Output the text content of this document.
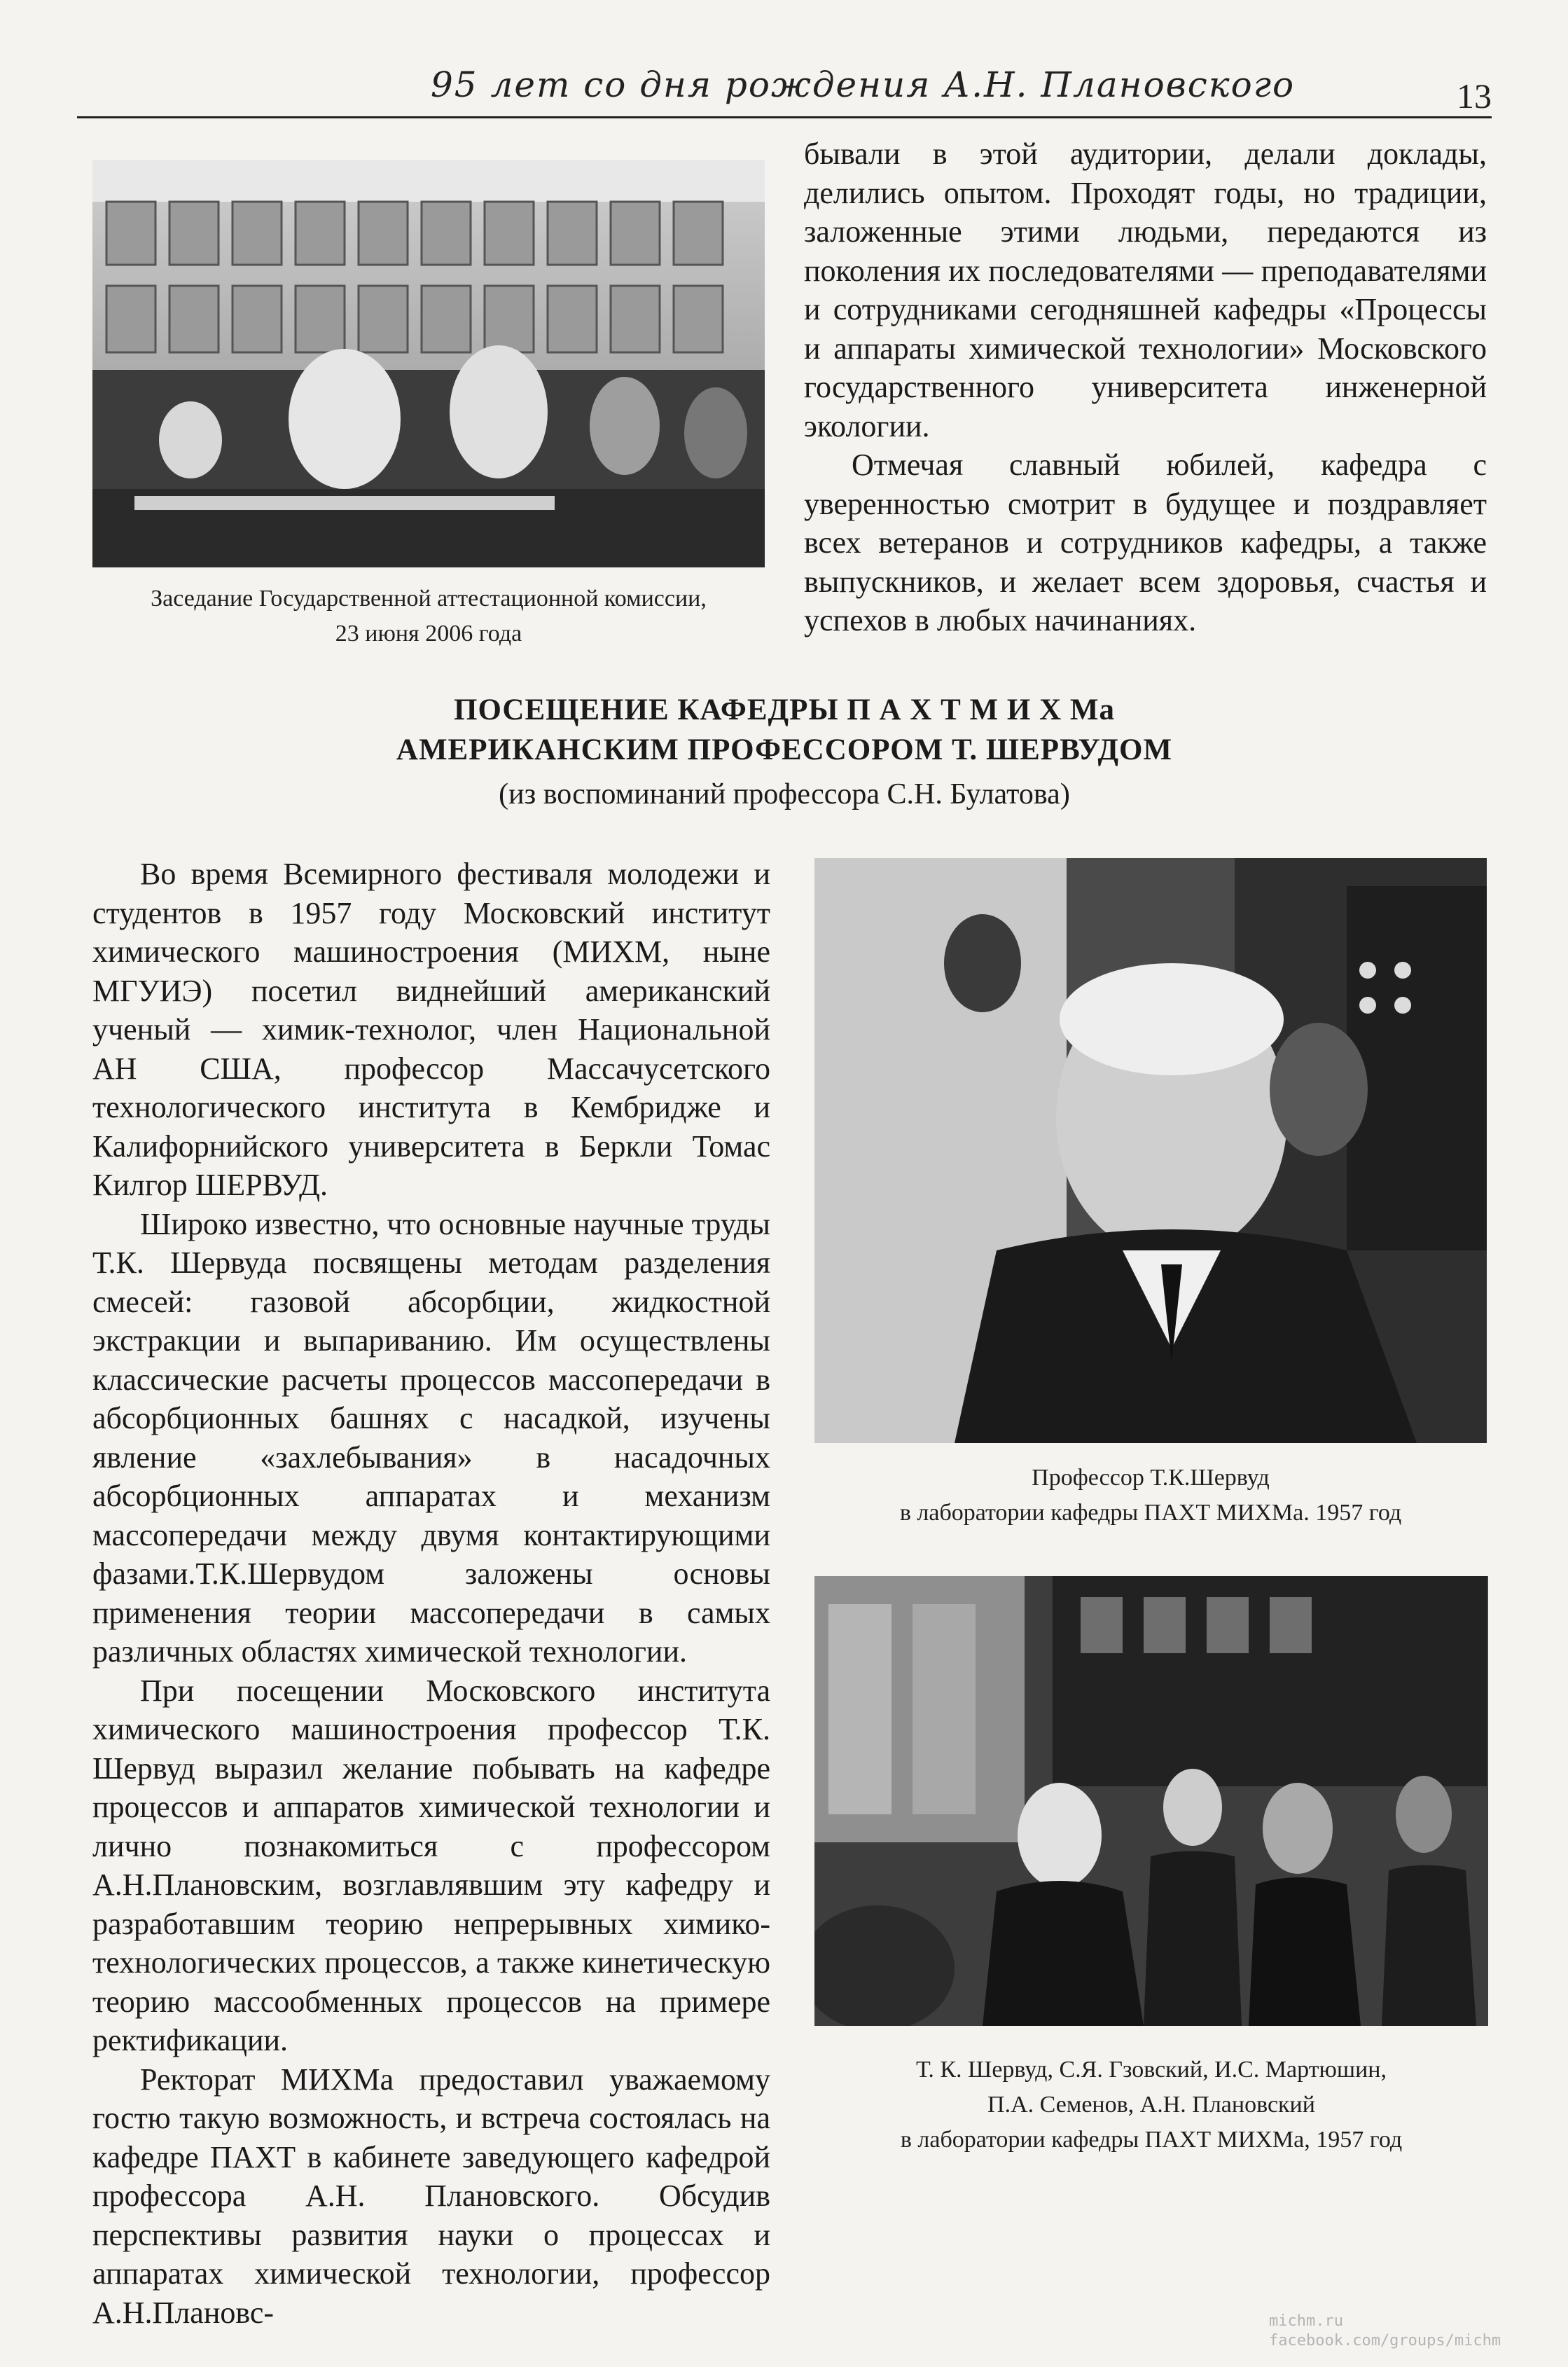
95 лет со дня рождения А.Н. Плановского	13
Заседание Государственной аттестационной комиссии,
23 июня 2006 года

бывали в этой аудитории, делали доклады, делились опытом. Проходят годы, но традиции, заложенные этими людьми, передаются из поколения их последователями — преподавателями и сотрудниками сегодняшней кафедры «Процессы и аппараты химической технологии» Московского государственного университета инженерной экологии.

Отмечая славный юбилей, кафедра с уверенностью смотрит в будущее и поздравляет всех ветеранов и сотрудников кафедры, а также выпускников, и желает всем здоровья, счастья и успехов в любых начинаниях.

ПОСЕЩЕНИЕ КАФЕДРЫ П А Х Т М И Х Ма
АМЕРИКАНСКИМ ПРОФЕССОРОМ Т. ШЕРВУДОМ
(из воспоминаний профессора С.Н. Булатова)

Во время Всемирного фестиваля молодежи и студентов в 1957 году Московский институт химического машиностроения (МИХМ, ныне МГУИЭ) посетил виднейший американский ученый — химик-технолог, член Национальной АН США, профессор Массачусетского технологического института в Кембридже и Калифорнийского университета в Беркли Томас Килгор ШЕРВУД.

Широко известно, что основные научные труды Т.К. Шервуда посвящены методам разделения смесей: газовой абсорбции, жидкостной экстракции и выпариванию. Им осуществлены классические расчеты процессов массопередачи в абсорбционных башнях с насадкой, изучены явление «захлебывания» в насадочных абсорбционных аппаратах и механизм массопередачи между двумя контактирующими фазами.Т.К.Шервудом заложены основы применения теории массопередачи в самых различных областях химической технологии.

При посещении Московского института химического машиностроения профессор Т.К. Шервуд выразил желание побывать на кафедре процессов и аппаратов химической технологии и лично познакомиться с профессором А.Н.Плановским, возглавлявшим эту кафедру и разработавшим теорию непрерывных химико-технологических процессов, а также кинетическую теорию массообменных процессов на примере ректификации.

Ректорат МИХМа предоставил уважаемому гостю такую возможность, и встреча состоялась на кафедре ПАХТ в кабинете заведующего кафедрой профессора А.Н. Плановского. Обсудив перспективы развития науки о процессах и аппаратах химической технологии, профессор А.Н.Плановс-

Профессор Т.К.Шервуд
в лаборатории кафедры ПАХТ МИХМа. 1957 год
Т. К. Шервуд, С.Я. Гзовский, И.С. Мартюшин,
П.А. Семенов, А.Н. Плановский
в лаборатории кафедры ПАХТ МИХМа, 1957 год
michm.ru
facebook.com/groups/michm
